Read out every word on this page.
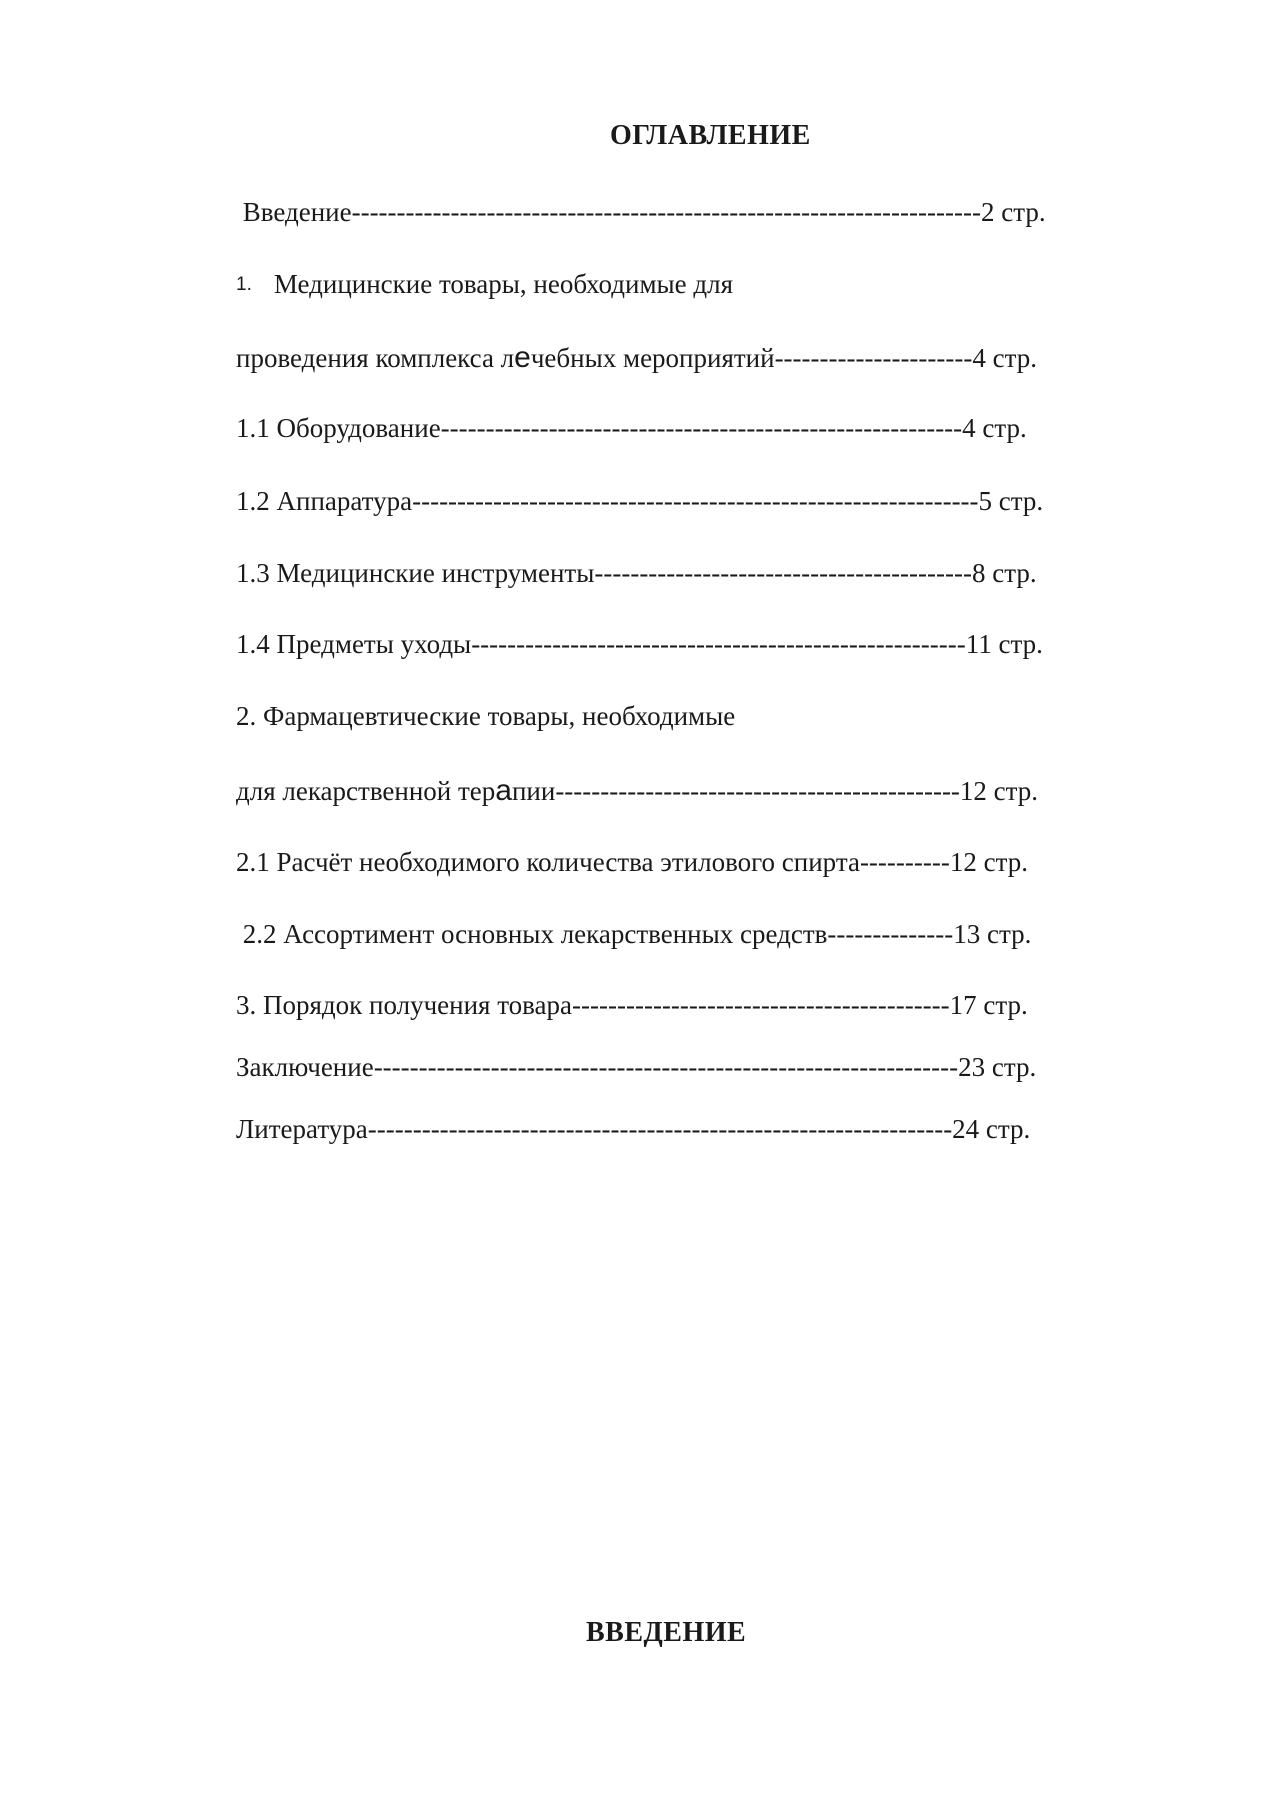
ОГЛАВЛЕНИЕ
Введение----------------------------------------------------------------------2 стр.
1. Медицинские товары, необходимые для
проведения комплекса лечебных мероприятий----------------------4 стр.
1.1 Оборудование----------------------------------------------------------4 стр.
1.2 Аппаратура---------------------------------------------------------------5 стр.
1.3 Медицинские инструменты------------------------------------------8 стр.
1.4 Предметы уходы-------------------------------------------------------11 стр.
2. Фармацевтические товары, необходимые
для лекарственной терапии---------------------------------------------12 стр.
2.1 Расчёт необходимого количества этилового спирта----------12 стр.
2.2 Ассортимент основных лекарственных средств--------------13 стр.
3. Порядок получения товара------------------------------------------17 стр.
Заключение-----------------------------------------------------------------23 стр.
Литература-----------------------------------------------------------------24 стр.
ВВЕДЕНИЕ
